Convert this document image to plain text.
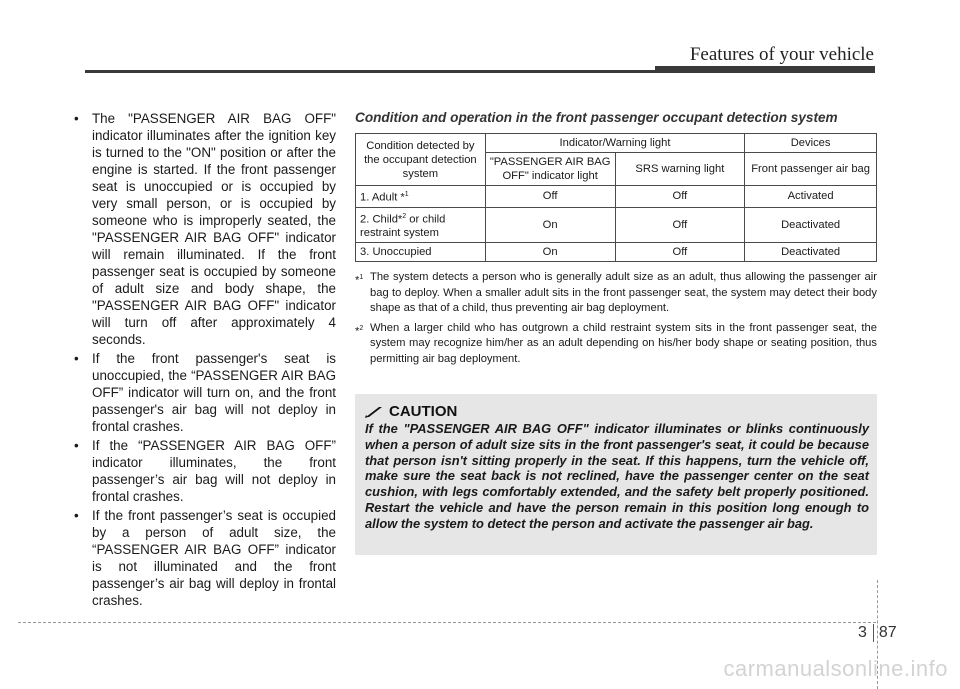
Features of your vehicle
• The "PASSENGER AIR BAG OFF" indicator illuminates after the ignition key is turned to the "ON" position or after the engine is started. If the front passenger seat is unoccupied or is occupied by very small person, or is occupied by someone who is improperly seated, the "PASSENGER AIR BAG OFF" indicator will remain illuminated. If the front passenger seat is occupied by someone of adult size and body shape, the "PASSENGER AIR BAG OFF" indicator will turn off after approximately 4 seconds.
• If the front passenger's seat is unoccupied, the “PASSENGER AIR BAG OFF” indicator will turn on, and the front passenger's air bag will not deploy in frontal crashes.
• If the “PASSENGER AIR BAG OFF” indicator illuminates, the front passenger’s air bag will not deploy in frontal crashes.
• If the front passenger’s seat is occupied by a person of adult size, the “PASSENGER AIR BAG OFF” indicator is not illuminated and the front passenger’s air bag will deploy in frontal crashes.
Condition and operation in the front passenger occupant detection system
Condition detected by the occupant detection system	Indicator/Warning light		Devices
	"PASSENGER AIR BAG OFF" indicator light	SRS warning light	Front passenger air bag
1. Adult *$^1$	Off	Off	Activated
2. Child*$^2$ or child restraint system	On	Off	Deactivated
3. Unoccupied	On	Off	Deactivated
*$^1$ The system detects a person who is generally adult size as an adult, thus allowing the passenger air bag to deploy. When a smaller adult sits in the front passenger seat, the system may detect their body shape as that of a child, thus preventing air bag deployment.
*$^2$ When a larger child who has outgrown a child restraint system sits in the front passenger seat, the system may recognize him/her as an adult depending on his/her body shape or seating position, thus permitting air bag deployment.
CAUTION
If the "PASSENGER AIR BAG OFF" indicator illuminates or blinks continuously when a person of adult size sits in the front passenger's seat, it could be because that person isn't sitting properly in the seat. If this happens, turn the vehicle off, make sure the seat back is not reclined, have the passenger center on the seat cushion, with legs comfortably extended, and the safety belt properly positioned. Restart the vehicle and have the person remain in this position long enough to allow the system to detect the person and activate the passenger air bag.
3 87
carmanualsonline.info
